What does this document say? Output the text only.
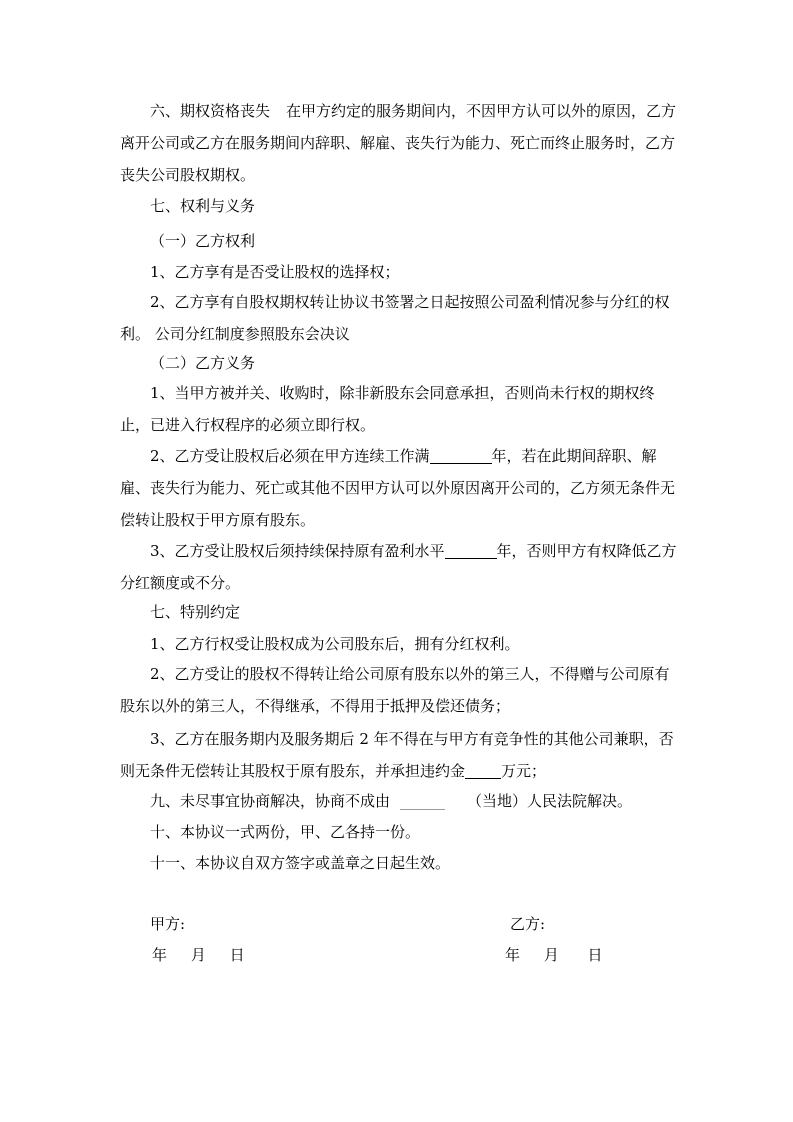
六、期权资格丧失 在甲方约定的服务期间内，不因甲方认可以外的原因，乙方离开公司或乙方在服务期间内辞职、解雇、丧失行为能力、死亡而终止服务时，乙方丧失公司股权期权。
七、权利与义务
（一）乙方权利
1、乙方享有是否受让股权的选择权；
2、乙方享有自股权期权转让协议书签署之日起按照公司盈利情况参与分红的权利。 公司分红制度参照股东会决议
（二）乙方义务
1、当甲方被并关、收购时，除非新股东会同意承担，否则尚未行权的期权终止，已进入行权程序的必须立即行权。
2、乙方受让股权后必须在甲方连续工作满	年，若在此期间辞职、解雇、丧失行为能力、死亡或其他不因甲方认可以外原因离开公司的，乙方须无条件无偿转让股权于甲方原有股东。
3、乙方受让股权后须持续保持原有盈利水平	年，否则甲方有权降低乙方分红额度或不分。
七、特别约定
1、乙方行权受让股权成为公司股东后，拥有分红权利。
2、乙方受让的股权不得转让给公司原有股东以外的第三人，不得赠与公司原有股东以外的第三人，不得继承，不得用于抵押及偿还债务；
3、乙方在服务期内及服务期后 2 年不得在与甲方有竞争性的其他公司兼职，否则无条件无偿转让其股权于原有股东，并承担违约金 万元；
九、未尽事宜协商解决，协商不成由 ______ （当地）人民法院解决。
十、本协议一式两份，甲、乙各持一份。
十一、本协议自双方签字或盖章之日起生效。
甲方:	乙方:
年     月     日	年     月      日
